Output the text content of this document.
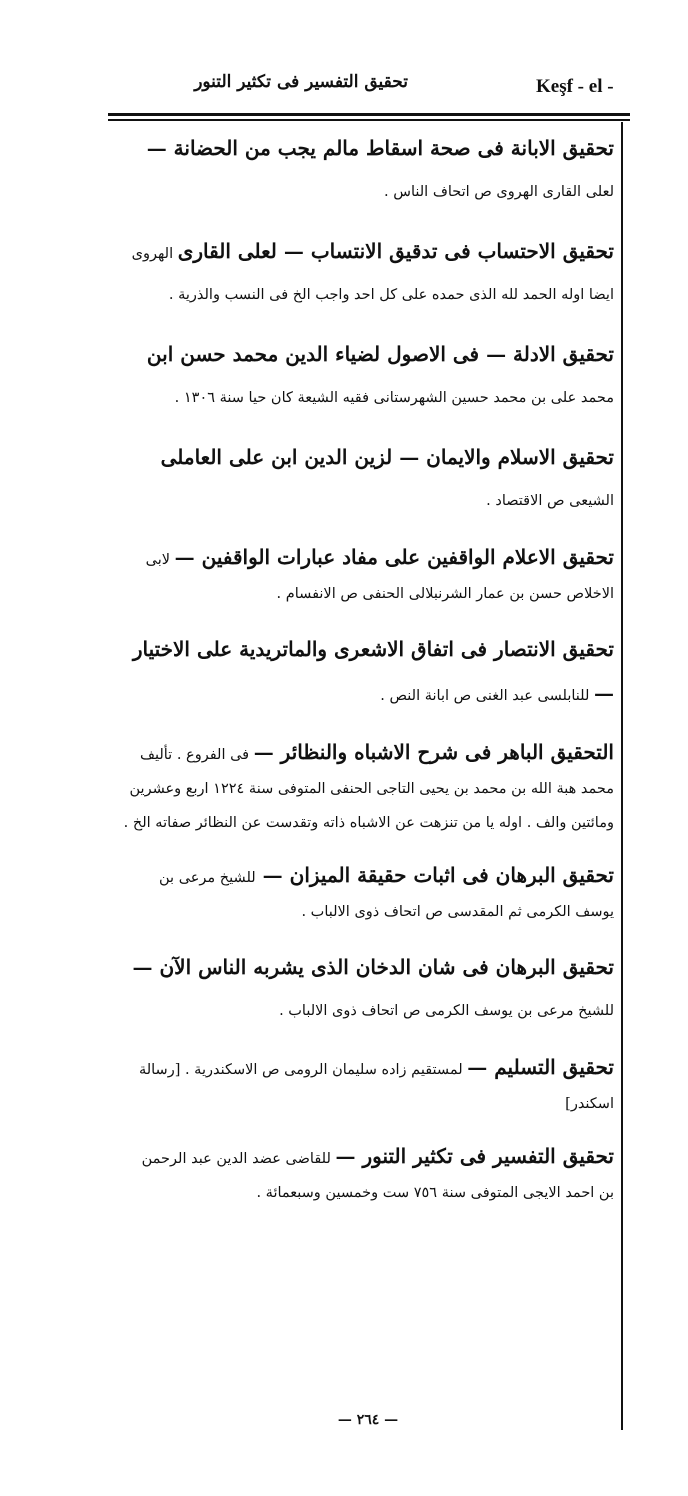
تحقيق التفسير فى تكثير التنور	Keşf - el -
تحقيق الابانة فى صحة اسقاط مالم يجب من الحضانة — لعلى القارى الهروى ص اتحاف الناس .
تحقيق الاحتساب فى تدقيق الانتساب — لعلى القارى الهروى ايضا اوله الحمد لله الذى حمده على كل احد واجب الخ فى النسب والذرية .
تحقيق الادلة — فى الاصول لضياء الدين محمد حسن ابن محمد على بن محمد حسين الشهرستانى فقيه الشيعة كان حيا سنة ١٣٠٦ .
تحقيق الاسلام والايمان — لزين الدين ابن على العاملى الشيعى ص الاقتصاد .
تحقيق الاعلام الواقفين على مفاد عبارات الواقفين — لابى الاخلاص حسن بن عمار الشرنبلالى الحنفى ص الانفسام .
تحقيق الانتصار فى اتفاق الاشعرى والماتريدية على الاختيار — للنابلسى عبد الغنى ص ابانة النص .
التحقيق الباهر فى شرح الاشباه والنظائر — فى الفروع . تأليف محمد هبة الله بن محمد بن يحيى التاجى الحنفى المتوفى سنة ١٢٢٤ اربع وعشرين ومائتين والف . اوله يا من تنزهت عن الاشباه ذاته وتقدست عن النظائر صفاته الخ .
تحقيق البرهان فى اثبات حقيقة الميزان — للشيخ مرعى بن يوسف الكرمى ثم المقدسى ص اتحاف ذوى الالباب .
تحقيق البرهان فى شان الدخان الذى يشربه الناس الآن — للشيخ مرعى بن يوسف الكرمى ص اتحاف ذوى الالباب .
تحقيق التسليم — لمستقيم زاده سليمان الرومى ص الاسكندرية . [رسالة اسكندر]
تحقيق التفسير فى تكثير التنور — للقاضى عضد الدين عبد الرحمن بن احمد الايجى المتوفى سنة ٧٥٦ ست وخمسين وسبعمائة .
— ٢٦٤ —
